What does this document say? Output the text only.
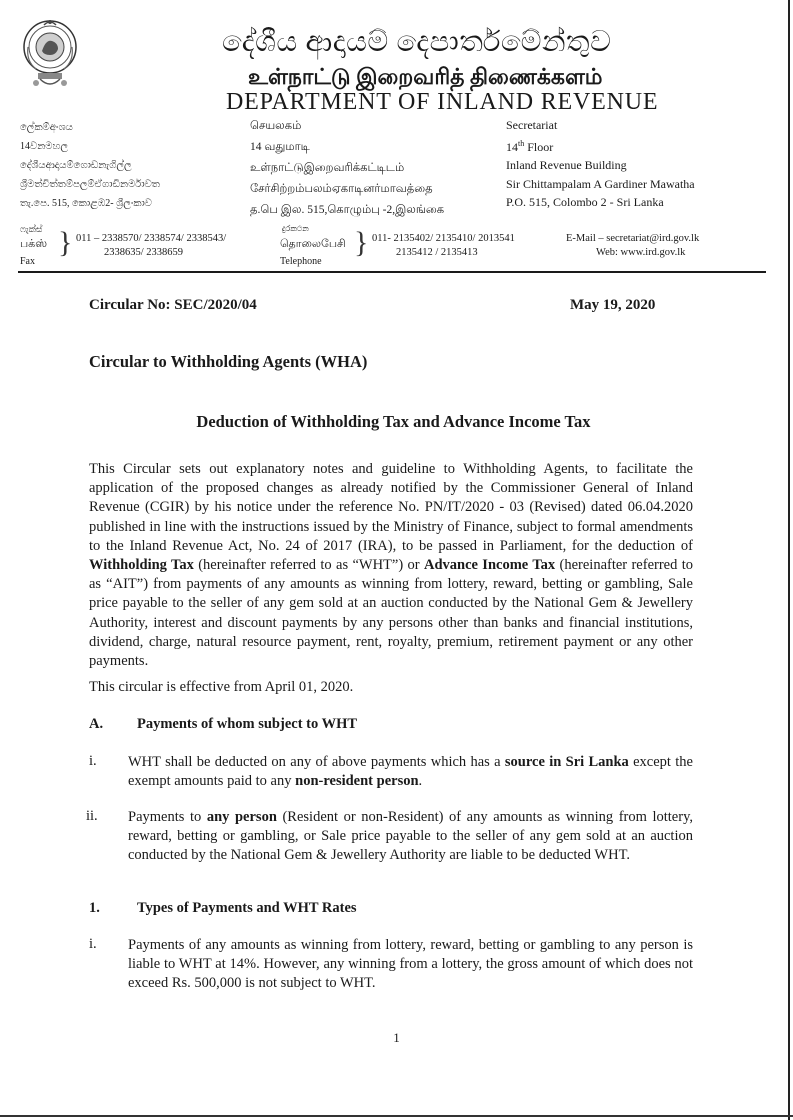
දේශීය ආදායම් දෙපාර්තමේන්තුව
உள்நாட்டு இறைவரித் திணைக்களம்
DEPARTMENT OF INLAND REVENUE
ලේකම්අංශය
14වනමහල
දේශීයආදායම්ගොඩනැගිල්ල
ශ්‍රීමත්චිත්තම්පලම්ඒගාඩිනර්මාවත
තැ.පෙ. 515, කොළඹ2- ශ්‍රීලංකාව
செயலகம்
14 வதுமாடி
உள்நாட்டுஇறைவரிக்கட்டிடம்
சேர்சிற்றம்பலம்ஏகாடினர்மாவத்தை
த.பெ இல. 515,கொழும்பு -2,இலங்கை
Secretariat
14th Floor
Inland Revenue Building
Sir Chittampalam A Gardiner Mawatha
P.O. 515, Colombo 2 - Sri Lanka
ෆැක්ස්
பக்ஸ்
Fax
} 011 – 2338570/ 2338574/ 2338543/
2338635/ 2338659
දුරකථන
தொலைபேசி
Telephone
} 011- 2135402/ 2135410/ 2013541
2135412 / 2135413
E-Mail – secretariat@ird.gov.lk
Web: www.ird.gov.lk
Circular No: SEC/2020/04	May 19, 2020
Circular to Withholding Agents (WHA)
Deduction of Withholding Tax and Advance Income Tax
This Circular sets out explanatory notes and guideline to Withholding Agents, to facilitate the application of the proposed changes as already notified by the Commissioner General of Inland Revenue (CGIR) by his notice under the reference No. PN/IT/2020 - 03 (Revised) dated 06.04.2020 published in line with the instructions issued by the Ministry of Finance, subject to formal amendments to the Inland Revenue Act, No. 24 of 2017 (IRA), to be passed in Parliament, for the deduction of Withholding Tax (hereinafter referred to as “WHT”) or Advance Income Tax (hereinafter referred to as “AIT”) from payments of any amounts as winning from lottery, reward, betting or gambling, Sale price payable to the seller of any gem sold at an auction conducted by the National Gem & Jewellery Authority, interest and discount payments by any persons other than banks and financial institutions, dividend, charge, natural resource payment, rent, royalty, premium, retirement payment or any other payments.
This circular is effective from April 01, 2020.
A. Payments of whom subject to WHT
i. WHT shall be deducted on any of above payments which has a source in Sri Lanka except the exempt amounts paid to any non-resident person.
ii. Payments to any person (Resident or non-Resident) of any amounts as winning from lottery, reward, betting or gambling, or Sale price payable to the seller of any gem sold at an auction conducted by the National Gem & Jewellery Authority are liable to be deducted WHT.
1.	Types of Payments and WHT Rates
i. Payments of any amounts as winning from lottery, reward, betting or gambling to any person is liable to WHT at 14%. However, any winning from a lottery, the gross amount of which does not exceed Rs. 500,000 is not subject to WHT.
1
